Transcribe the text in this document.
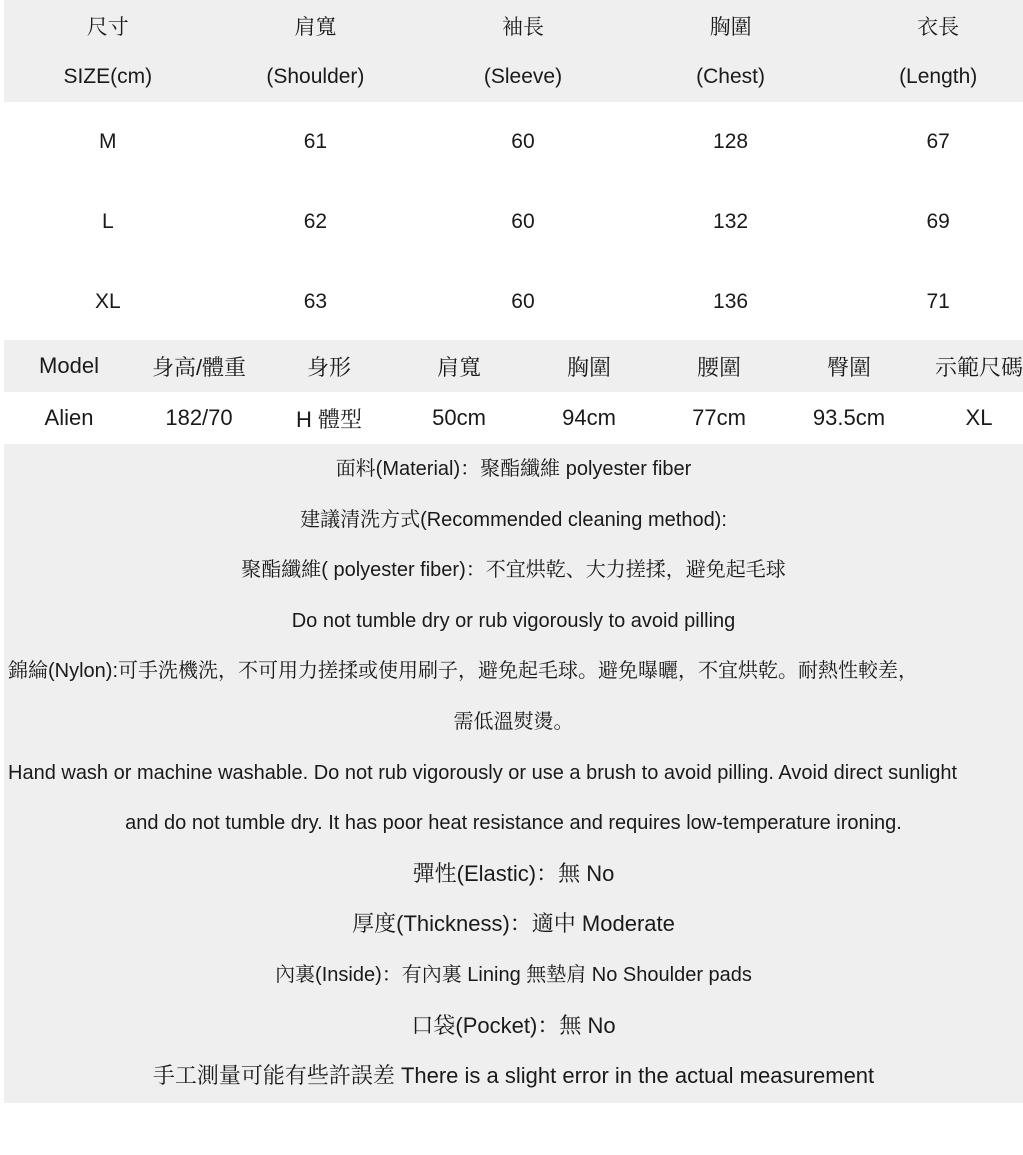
尺寸	肩寬	袖長	胸圍	衣長
SIZE(cm)	(Shoulder)	(Sleeve)	(Chest)	(Length)
M	61	60	128	67
L	62	60	132	69
XL	63	60	136	71
Model	身高/體重	身形	肩寬	胸圍	腰圍	臀圍	示範尺碼
Alien	182/70	H 體型	50cm	94cm	77cm	93.5cm	XL
面料(Material)：聚酯纖維 polyester fiber
建議清洗方式(Recommended cleaning method):
聚酯纖維( polyester fiber)：不宜烘乾、大力搓揉，避免起毛球
Do not tumble dry or rub vigorously to avoid pilling
錦綸(Nylon):可手洗機洗，不可用力搓揉或使用刷子，避免起毛球。避免曝曬，不宜烘乾。耐熱性較差，
需低溫熨燙。
Hand wash or machine washable. Do not rub vigorously or use a brush to avoid pilling. Avoid direct sunlight
and do not tumble dry. It has poor heat resistance and requires low-temperature ironing.
彈性(Elastic)：無 No
厚度(Thickness)：適中 Moderate
內裏(Inside)：有內裏 Lining 無墊肩 No Shoulder pads
口袋(Pocket)：無 No
手工測量可能有些許誤差 There is a slight error in the actual measurement
